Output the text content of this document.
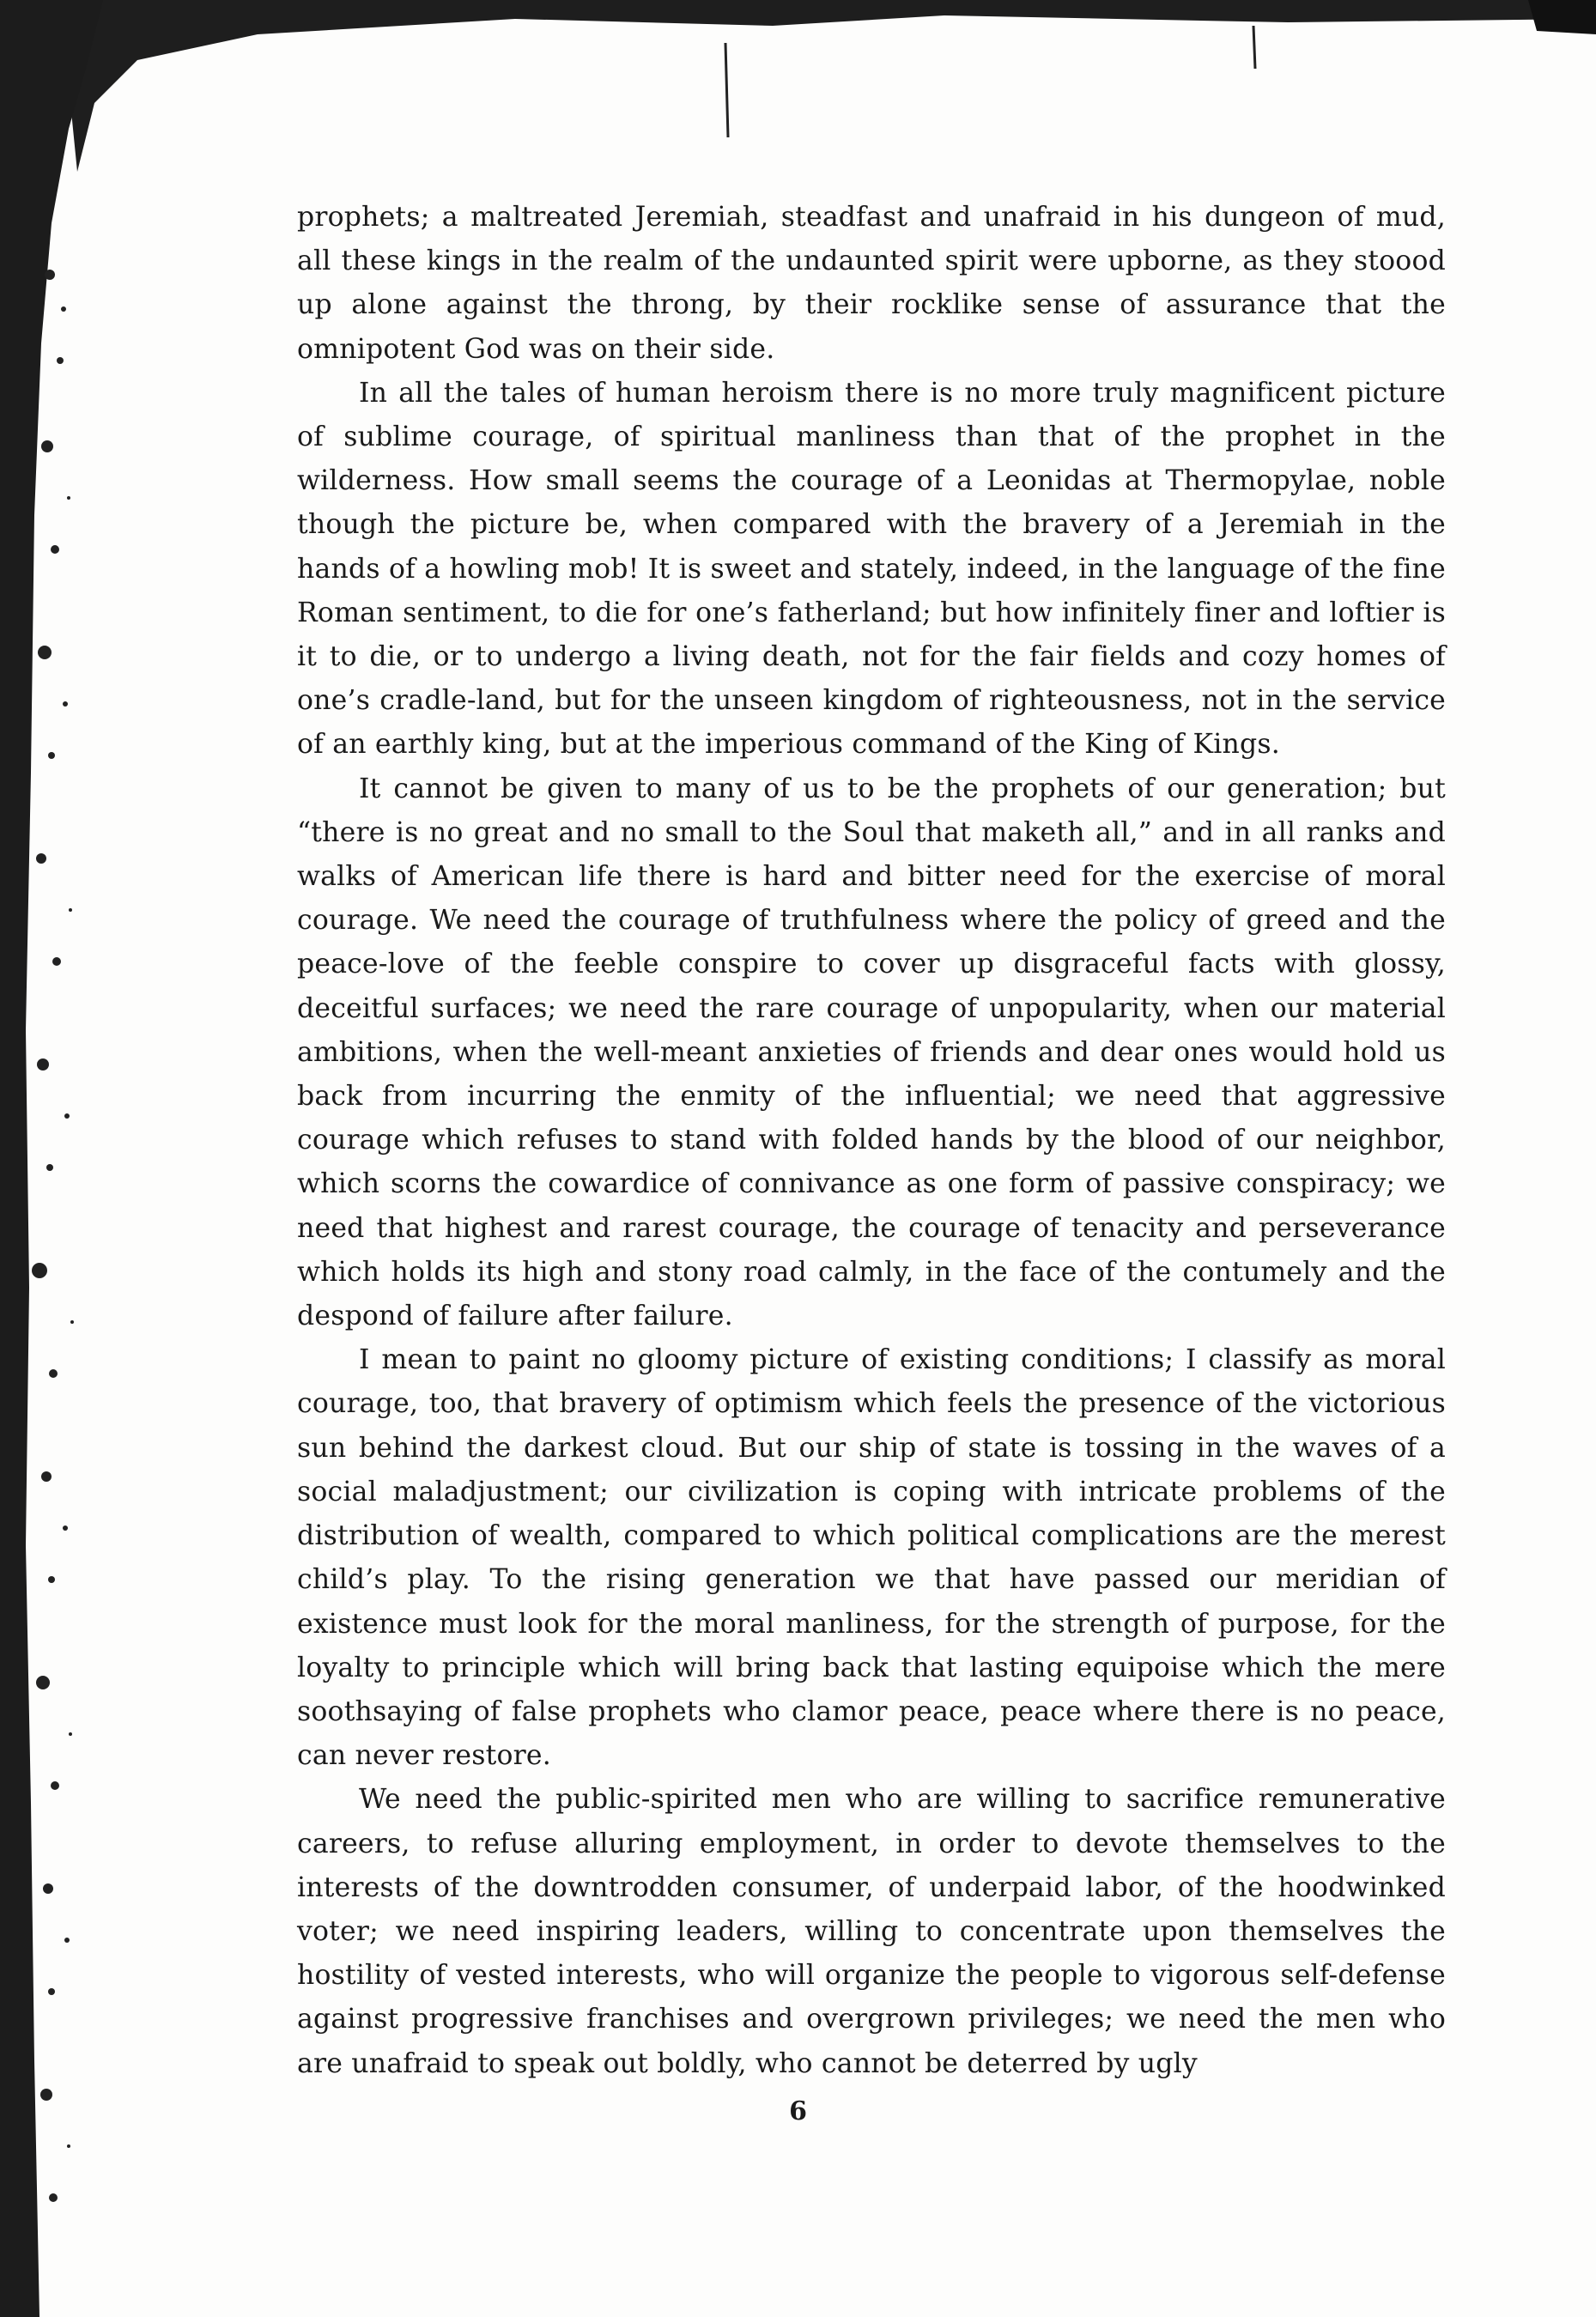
prophets; a maltreated Jeremiah, steadfast and unafraid in his dungeon of mud, all these kings in the realm of the undaunted spirit were upborne, as they stoood up alone against the throng, by their rocklike sense of assurance that the omnipotent God was on their side.

In all the tales of human heroism there is no more truly magnificent picture of sublime courage, of spiritual manliness than that of the prophet in the wilderness. How small seems the courage of a Leonidas at Thermopylae, noble though the picture be, when compared with the bravery of a Jeremiah in the hands of a howling mob! It is sweet and stately, indeed, in the language of the fine Roman sentiment, to die for one’s fatherland; but how infinitely finer and loftier is it to die, or to undergo a living death, not for the fair fields and cozy homes of one’s cradle-land, but for the unseen kingdom of righteousness, not in the service of an earthly king, but at the imperious command of the King of Kings.

It cannot be given to many of us to be the prophets of our generation; but “there is no great and no small to the Soul that maketh all,” and in all ranks and walks of American life there is hard and bitter need for the exercise of moral courage. We need the courage of truthfulness where the policy of greed and the peace-love of the feeble conspire to cover up disgraceful facts with glossy, deceitful surfaces; we need the rare courage of unpopularity, when our material ambitions, when the well-meant anxieties of friends and dear ones would hold us back from incurring the enmity of the influential; we need that aggressive courage which refuses to stand with folded hands by the blood of our neighbor, which scorns the cowardice of connivance as one form of passive conspiracy; we need that highest and rarest courage, the courage of tenacity and perseverance which holds its high and stony road calmly, in the face of the contumely and the despond of failure after failure.

I mean to paint no gloomy picture of existing conditions; I classify as moral courage, too, that bravery of optimism which feels the presence of the victorious sun behind the darkest cloud. But our ship of state is tossing in the waves of a social maladjustment; our civilization is coping with intricate problems of the distribution of wealth, compared to which political complications are the merest child’s play. To the rising generation we that have passed our meridian of existence must look for the moral manliness, for the strength of purpose, for the loyalty to principle which will bring back that lasting equipoise which the mere soothsaying of false prophets who clamor peace, peace where there is no peace, can never restore.

We need the public-spirited men who are willing to sacrifice remunerative careers, to refuse alluring employment, in order to devote themselves to the interests of the downtrodden consumer, of underpaid labor, of the hoodwinked voter; we need inspiring leaders, willing to concentrate upon themselves the hostility of vested interests, who will organize the people to vigorous self-defense against progressive franchises and overgrown privileges; we need the men who are unafraid to speak out boldly, who cannot be deterred by ugly

6
